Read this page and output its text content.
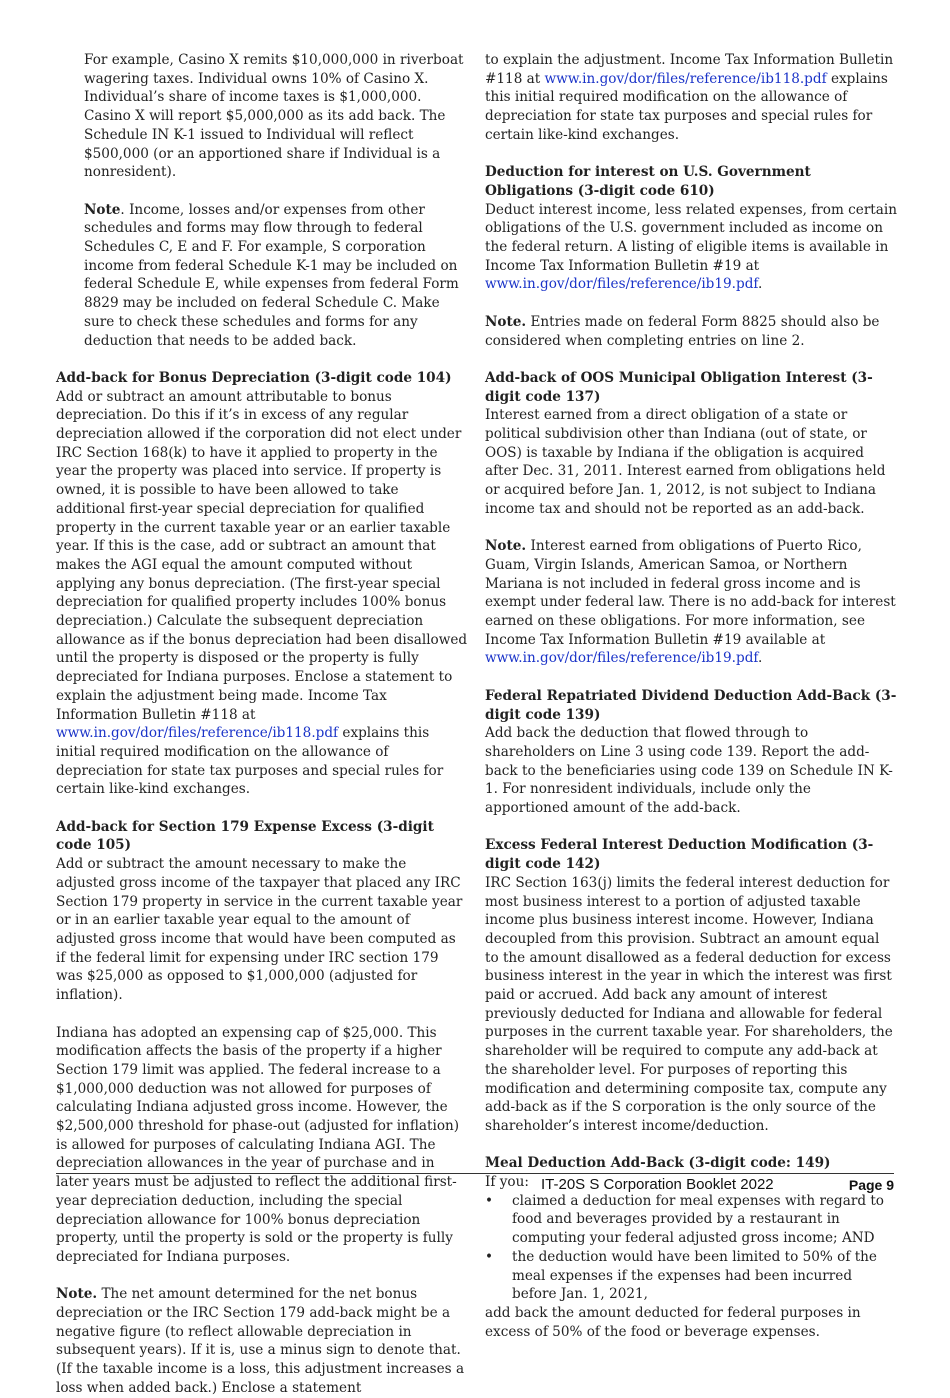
For example, Casino X remits $10,000,000 in riverboat wagering taxes. Individual owns 10% of Casino X. Individual’s share of income taxes is $1,000,000. Casino X will report $5,000,000 as its add back. The Schedule IN K-1 issued to Individual will reflect $500,000 (or an apportioned share if Individual is a nonresident).

Note. Income, losses and/or expenses from other schedules and forms may flow through to federal Schedules C, E and F. For example, S corporation income from federal Schedule K-1 may be included on federal Schedule E, while expenses from federal Form 8829 may be included on federal Schedule C. Make sure to check these schedules and forms for any deduction that needs to be added back.

Add-back for Bonus Depreciation (3-digit code 104)
Add or subtract an amount attributable to bonus depreciation. Do this if it’s in excess of any regular depreciation allowed if the corporation did not elect under IRC Section 168(k) to have it applied to property in the year the property was placed into service. If property is owned, it is possible to have been allowed to take additional first-year special depreciation for qualified property in the current taxable year or an earlier taxable year. If this is the case, add or subtract an amount that makes the AGI equal the amount computed without applying any bonus depreciation. (The first-year special depreciation for qualified property includes 100% bonus depreciation.) Calculate the subsequent depreciation allowance as if the bonus depreciation had been disallowed until the property is disposed or the property is fully depreciated for Indiana purposes. Enclose a statement to explain the adjustment being made. Income Tax Information Bulletin #118 at www.in.gov/dor/files/reference/ib118.pdf explains this initial required modification on the allowance of depreciation for state tax purposes and special rules for certain like-kind exchanges.

Add-back for Section 179 Expense Excess (3-digit code 105)
Add or subtract the amount necessary to make the adjusted gross income of the taxpayer that placed any IRC Section 179 property in service in the current taxable year or in an earlier taxable year equal to the amount of adjusted gross income that would have been computed as if the federal limit for expensing under IRC section 179 was $25,000 as opposed to $1,000,000 (adjusted for inflation).

Indiana has adopted an expensing cap of $25,000. This modification affects the basis of the property if a higher Section 179 limit was applied. The federal increase to a $1,000,000 deduction was not allowed for purposes of calculating Indiana adjusted gross income. However, the $2,500,000 threshold for phase-out (adjusted for inflation) is allowed for purposes of calculating Indiana AGI. The depreciation allowances in the year of purchase and in later years must be adjusted to reflect the additional first-year depreciation deduction, including the special depreciation allowance for 100% bonus depreciation property, until the property is sold or the property is fully depreciated for Indiana purposes.

Note. The net amount determined for the net bonus depreciation or the IRC Section 179 add-back might be a negative figure (to reflect allowable depreciation in subsequent years). If it is, use a minus sign to denote that. (If the taxable income is a loss, this adjustment increases a loss when added back.) Enclose a statement

to explain the adjustment. Income Tax Information Bulletin #118 at www.in.gov/dor/files/reference/ib118.pdf explains this initial required modification on the allowance of depreciation for state tax purposes and special rules for certain like-kind exchanges.

Deduction for interest on U.S. Government Obligations (3-digit code 610)
Deduct interest income, less related expenses, from certain obligations of the U.S. government included as income on the federal return. A listing of eligible items is available in Income Tax Information Bulletin #19 at www.in.gov/dor/files/reference/ib19.pdf.

Note. Entries made on federal Form 8825 should also be considered when completing entries on line 2.

Add-back of OOS Municipal Obligation Interest (3-digit code 137)
Interest earned from a direct obligation of a state or political subdivision other than Indiana (out of state, or OOS) is taxable by Indiana if the obligation is acquired after Dec. 31, 2011. Interest earned from obligations held or acquired before Jan. 1, 2012, is not subject to Indiana income tax and should not be reported as an add-back.

Note. Interest earned from obligations of Puerto Rico, Guam, Virgin Islands, American Samoa, or Northern Mariana is not included in federal gross income and is exempt under federal law. There is no add-back for interest earned on these obligations. For more information, see Income Tax Information Bulletin #19 available at www.in.gov/dor/files/reference/ib19.pdf.

Federal Repatriated Dividend Deduction Add-Back (3-digit code 139)
Add back the deduction that flowed through to shareholders on Line 3 using code 139. Report the add-back to the beneficiaries using code 139 on Schedule IN K-1. For nonresident individuals, include only the apportioned amount of the add-back.

Excess Federal Interest Deduction Modification (3-digit code 142)
IRC Section 163(j) limits the federal interest deduction for most business interest to a portion of adjusted taxable income plus business interest income. However, Indiana decoupled from this provision. Subtract an amount equal to the amount disallowed as a federal deduction for excess business interest in the year in which the interest was first paid or accrued. Add back any amount of interest previously deducted for Indiana and allowable for federal purposes in the current taxable year. For shareholders, the shareholder will be required to compute any add-back at the shareholder level. For purposes of reporting this modification and determining composite tax, compute any add-back as if the S corporation is the only source of the shareholder’s interest income/deduction.

Meal Deduction Add-Back (3-digit code: 149)
If you:
• claimed a deduction for meal expenses with regard to food and beverages provided by a restaurant in computing your federal adjusted gross income; AND
• the deduction would have been limited to 50% of the meal expenses if the expenses had been incurred before Jan. 1, 2021,
add back the amount deducted for federal purposes in excess of 50% of the food or beverage expenses.
IT-20S S Corporation Booklet 2022	Page 9
